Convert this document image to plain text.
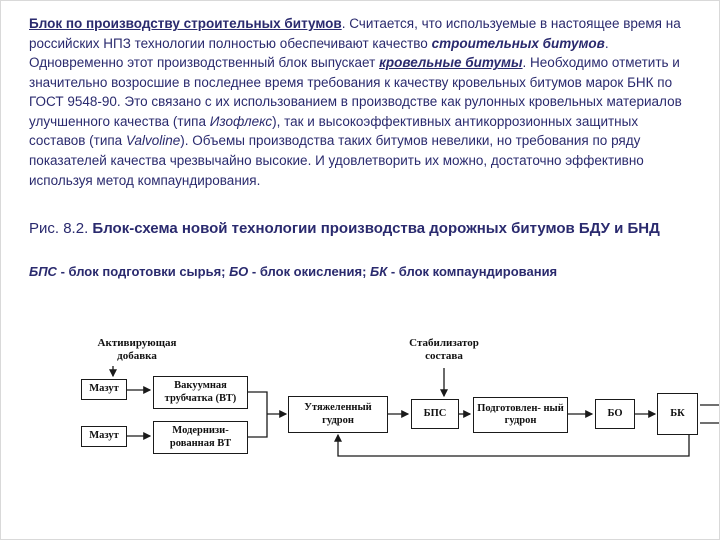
Блок по производству строительных битумов. Считается, что используемые в настоящее время на российских НПЗ технологии полностью обеспечивают качество строительных битумов. Одновременно этот производственный блок выпускает кровельные битумы. Необходимо отметить и значительно возросшие в последнее время требования к качеству кровельных битумов марок БНК по ГОСТ 9548-90. Это связано с их использованием в производстве как рулонных кровельных материалов улучшенного качества (типа Изофлекс), так и высокоэффективных антикоррозионных защитных составов (типа Valvoline). Объемы производства таких битумов невелики, но требования по ряду показателей качества чрезвычайно высокие. И удовлетворить их можно, достаточно эффективно используя метод компаундирования.
Рис. 8.2. Блок-схема новой технологии производства дорожных битумов БДУ и БНД
БПС - блок подготовки сырья; БО - блок окисления; БК - блок компаундирования
Активирующая добавка
Стабилизатор состава
Мазут	Вакуумная трубчатка (ВТ)
Мазут	Модернизи- рованная ВТ
Утяжеленный гудрон
БПС	Подготовлен- ный гудрон
БО	БК
